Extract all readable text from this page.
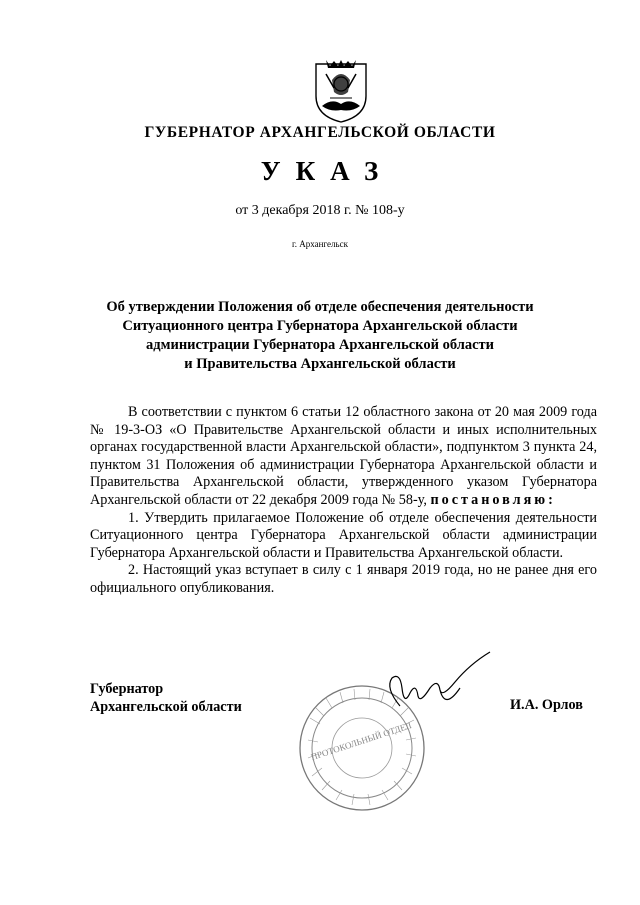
ГУБЕРНАТОР АРХАНГЕЛЬСКОЙ ОБЛАСТИ
УКАЗ
от 3 декабря 2018 г. № 108-у
г. Архангельск
Об утверждении Положения об отделе обеспечения деятельности
Ситуационного центра Губернатора Архангельской области
администрации Губернатора Архангельской области
и Правительства Архангельской области

В соответствии с пунктом 6 статьи 12 областного закона от 20 мая 2009 года № 19-3-ОЗ «О Правительстве Архангельской области и иных исполнительных органах государственной власти Архангельской области», подпунктом 3 пункта 24, пунктом 31 Положения об администрации Губернатора Архангельской области и Правительства Архангельской области, утвержденного указом Губернатора Архангельской области от 22 декабря 2009 года № 58-у, постановляю:

1. Утвердить прилагаемое Положение об отделе обеспечения деятельности Ситуационного центра Губернатора Архангельской области администрации Губернатора Архангельской области и Правительства Архангельской области.

2. Настоящий указ вступает в силу с 1 января 2019 года, но не ранее дня его официального опубликования.

Губернатор
Архангельской области
ПРОТОКОЛЬНЫЙ ОТДЕЛ
И.А. Орлов
